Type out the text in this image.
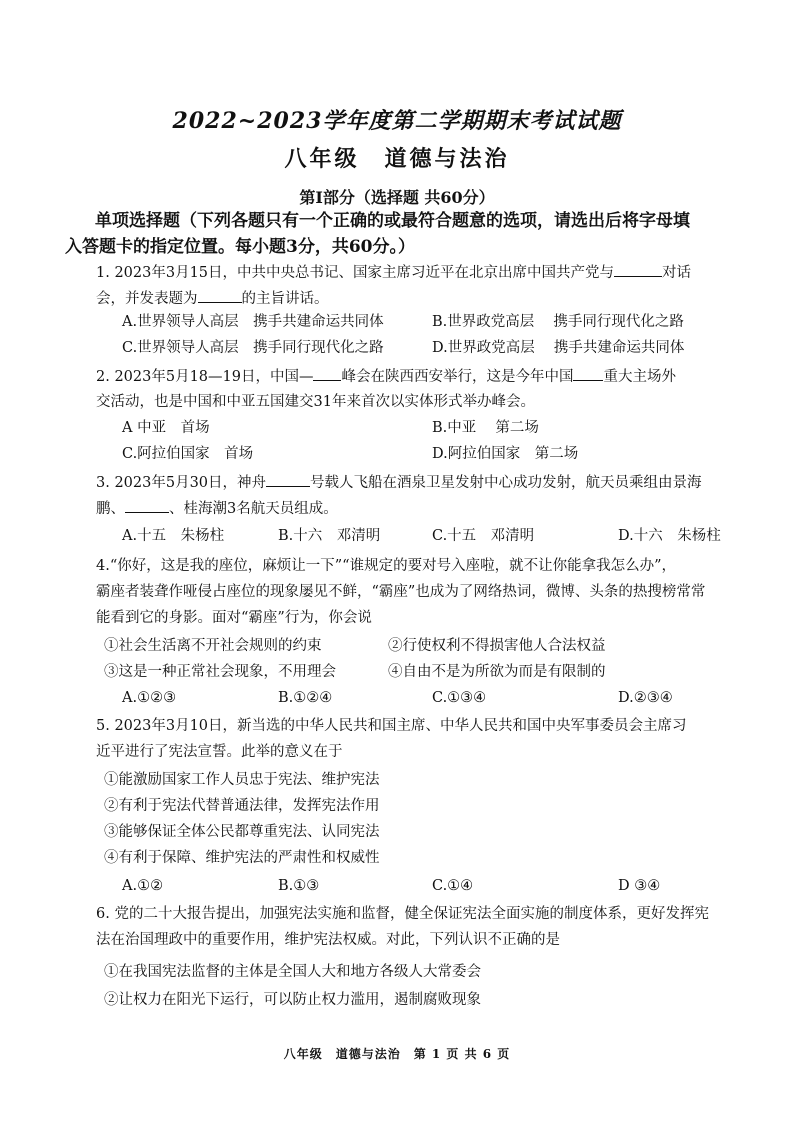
2022~2023学年度第二学期期末考试试题
八年级　道德与法治
第Ⅰ部分（选择题 共60分）
单项选择题（下列各题只有一个正确的或最符合题意的选项，请选出后将字母填
入答题卡的指定位置。每小题3分，共60分。）
1. 2023年3月15日，中共中央总书记、国家主席习近平在北京出席中国共产党与	对话
会，并发表题为	的主旨讲话。
A.世界领导人高层　携手共建命运共同体	B.世界政党高层　 携手同行现代化之路
C.世界领导人高层　携手同行现代化之路	D.世界政党高层　 携手共建命运共同体
2. 2023年5月18—19日，中国— 峰会在陕西西安举行，这是今年中国 重大主场外
交活动，也是中国和中亚五国建交31年来首次以实体形式举办峰会。
A 中亚　首场	B.中亚　 第二场
C.阿拉伯国家　首场	D.阿拉伯国家　第二场
3. 2023年5月30日，神舟	号载人飞船在酒泉卫星发射中心成功发射，航天员乘组由景海
鹏、	、桂海潮3名航天员组成。
A.十五　朱杨柱	B.十六　邓清明	C.十五　邓清明	D.十六　朱杨柱
4.“你好，这是我的座位，麻烦让一下”“谁规定的要对号入座啦，就不让你能拿我怎么办”，
霸座者装聋作哑侵占座位的现象屡见不鲜，“霸座”也成为了网络热词，微博、头条的热搜榜常常
能看到它的身影。面对“霸座”行为，你会说
①社会生活离不开社会规则的约束	②行使权利不得损害他人合法权益
③这是一种正常社会现象，不用理会	④自由不是为所欲为而是有限制的
A.①②③	B.①②④	C.①③④	D.②③④
5. 2023年3月10日，新当选的中华人民共和国主席、中华人民共和国中央军事委员会主席习
近平进行了宪法宣誓。此举的意义在于
①能激励国家工作人员忠于宪法、维护宪法
②有利于宪法代替普通法律，发挥宪法作用
③能够保证全体公民都尊重宪法、认同宪法
④有利于保障、维护宪法的严肃性和权威性
A.①②	B.①③	C.①④	D ③④
6. 党的二十大报告提出，加强宪法实施和监督，健全保证宪法全面实施的制度体系，更好发挥宪
法在治国理政中的重要作用，维护宪法权威。对此，下列认识不正确的是
①在我国宪法监督的主体是全国人大和地方各级人大常委会
②让权力在阳光下运行，可以防止权力滥用，遏制腐败现象
八年级　道德与法治　第 1 页 共 6 页
